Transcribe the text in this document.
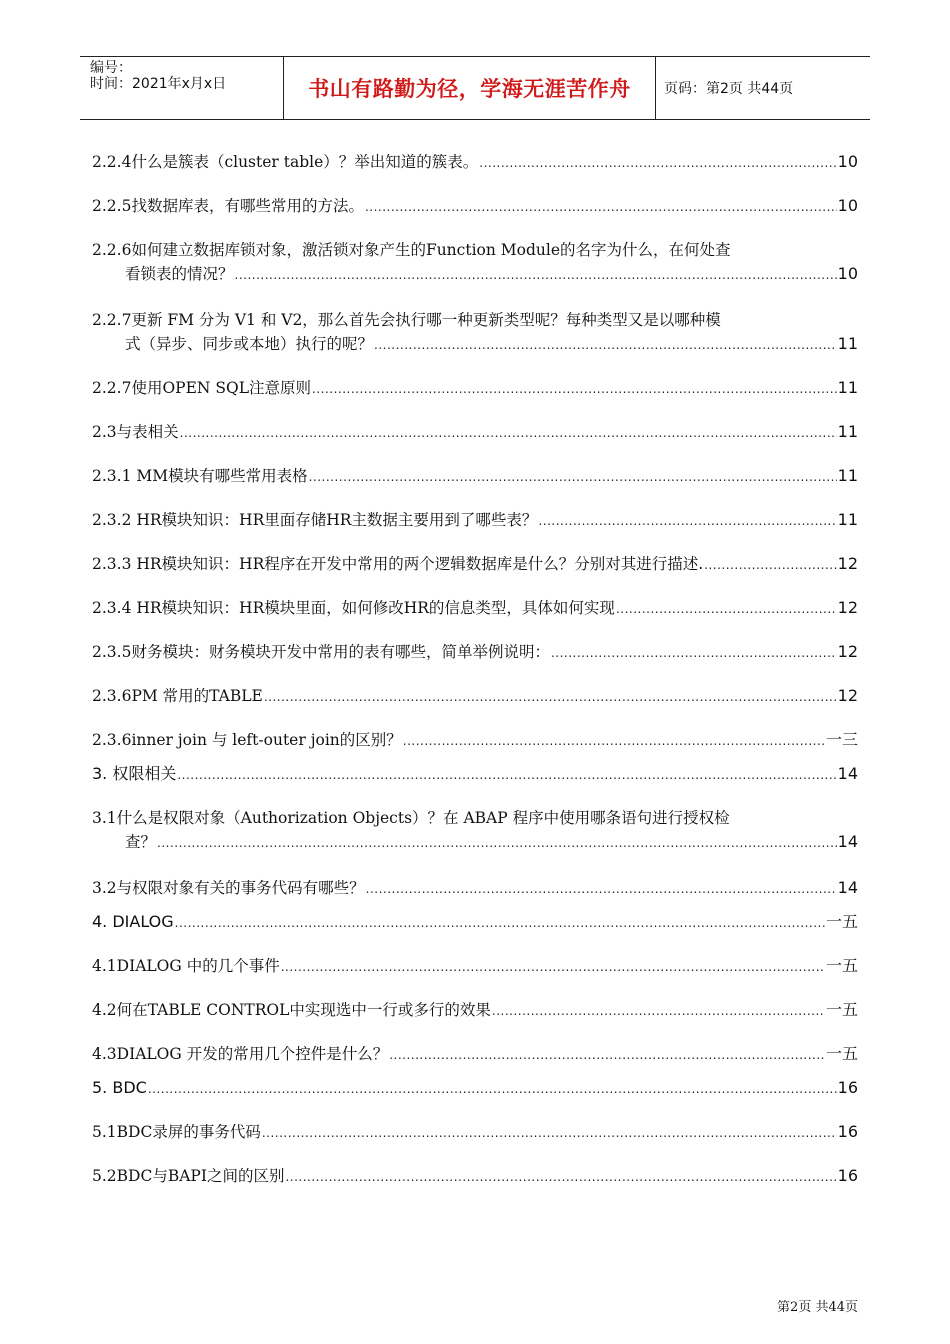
编号：
时间：2021年x月x日	书山有路勤为径，学海无涯苦作舟	页码：第2页 共44页
2.2.4什么是簇表（cluster table）？举出知道的簇表。 .....	10
2.2.5找数据库表，有哪些常用的方法。 .....	10
2.2.6如何建立数据库锁对象，激活锁对象产生的Function Module的名字为什么，在何处查
看锁表的情况？ .....	10
2.2.7更新 FM 分为 V1 和 V2，那么首先会执行哪一种更新类型呢？每种类型又是以哪种模
式（异步、同步或本地）执行的呢？ .....	11
2.2.7使用OPEN SQL注意原则 .....	11
2.3与表相关 .....	11
2.3.1 MM模块有哪些常用表格 .....	11
2.3.2 HR模块知识：HR里面存储HR主数据主要用到了哪些表？ .....	11
2.3.3 HR模块知识：HR程序在开发中常用的两个逻辑数据库是什么？分别对其进行描述. .....	12
2.3.4 HR模块知识：HR模块里面，如何修改HR的信息类型，具体如何实现 .....	12
2.3.5财务模块：财务模块开发中常用的表有哪些，简单举例说明： .....	12
2.3.6PM 常用的TABLE .....	12
2.3.6inner join 与 left-outer join的区别？ .....	一三
3. 权限相关 .....	14
3.1什么是权限对象（Authorization Objects）？在 ABAP 程序中使用哪条语句进行授权检
查？ .....	14
3.2与权限对象有关的事务代码有哪些？ .....	14
4. DIALOG .....	一五
4.1DIALOG 中的几个事件 .....	一五
4.2何在TABLE CONTROL中实现选中一行或多行的效果 .....	一五
4.3DIALOG 开发的常用几个控件是什么？ .....	一五
5. BDC .....	16
5.1BDC录屏的事务代码 .....	16
5.2BDC与BAPI之间的区别 .....	16
第2页 共44页
